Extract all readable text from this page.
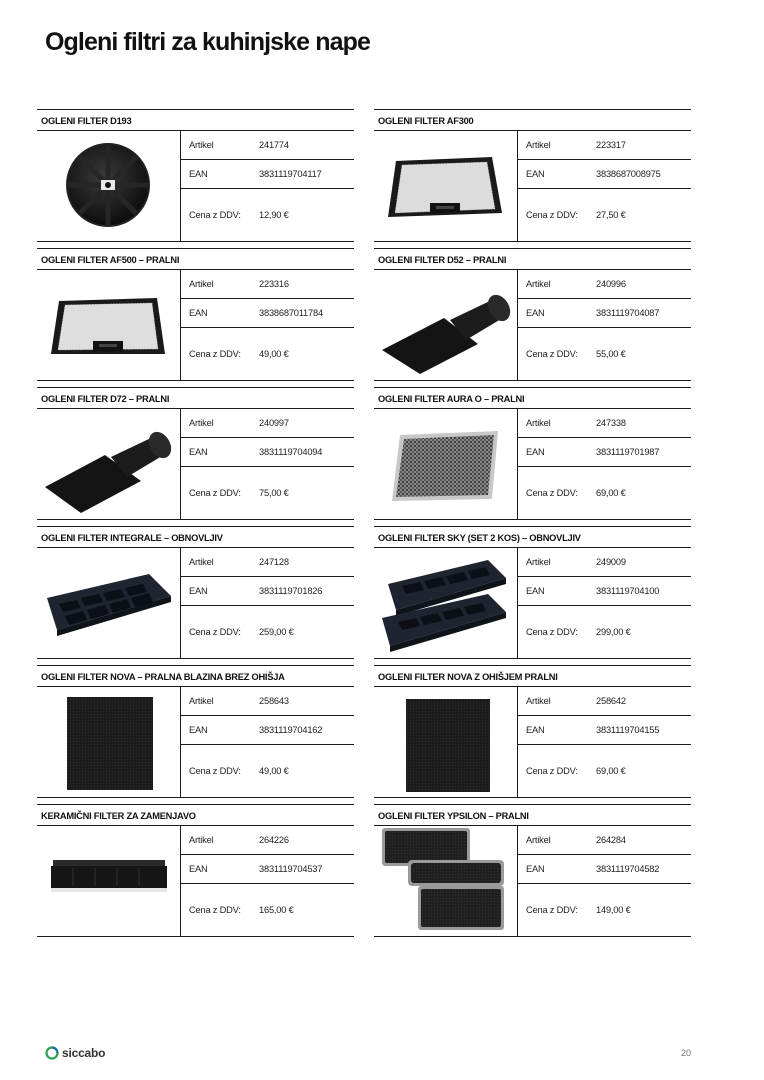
Ogleni filtri za kuhinjske nape
OGLENI FILTER D193
Artikel	241774
EAN	3831119704117
Cena z DDV:	12,90 €
OGLENI FILTER AF300
Artikel	223317
EAN	3838687008975
Cena z DDV:	27,50 €
OGLENI FILTER AF500 – PRALNI
Artikel	223316
EAN	3838687011784
Cena z DDV:	49,00 €
OGLENI FILTER D52 – PRALNI
Artikel	240996
EAN	3831119704087
Cena z DDV:	55,00 €
OGLENI FILTER D72 – PRALNI
Artikel	240997
EAN	3831119704094
Cena z DDV:	75,00 €
OGLENI FILTER AURA O – PRALNI
Artikel	247338
EAN	3831119701987
Cena z DDV:	69,00 €
OGLENI FILTER INTEGRALE – OBNOVLJIV
Artikel	247128
EAN	3831119701826
Cena z DDV:	259,00 €
OGLENI FILTER SKY (SET 2 KOS) – OBNOVLJIV
Artikel	249009
EAN	3831119704100
Cena z DDV:	299,00 €
OGLENI FILTER NOVA – PRALNA BLAZINA BREZ OHIŠJA
Artikel	258643
EAN	3831119704162
Cena z DDV:	49,00 €
OGLENI FILTER NOVA Z OHIŠJEM PRALNI
Artikel	258642
EAN	3831119704155
Cena z DDV:	69,00 €
KERAMIČNI FILTER ZA ZAMENJAVO
Artikel	264226
EAN	3831119704537
Cena z DDV:	165,00 €
OGLENI FILTER YPSILON – PRALNI
Artikel	264284
EAN	3831119704582
Cena z DDV:	149,00 €
siccabo	20
